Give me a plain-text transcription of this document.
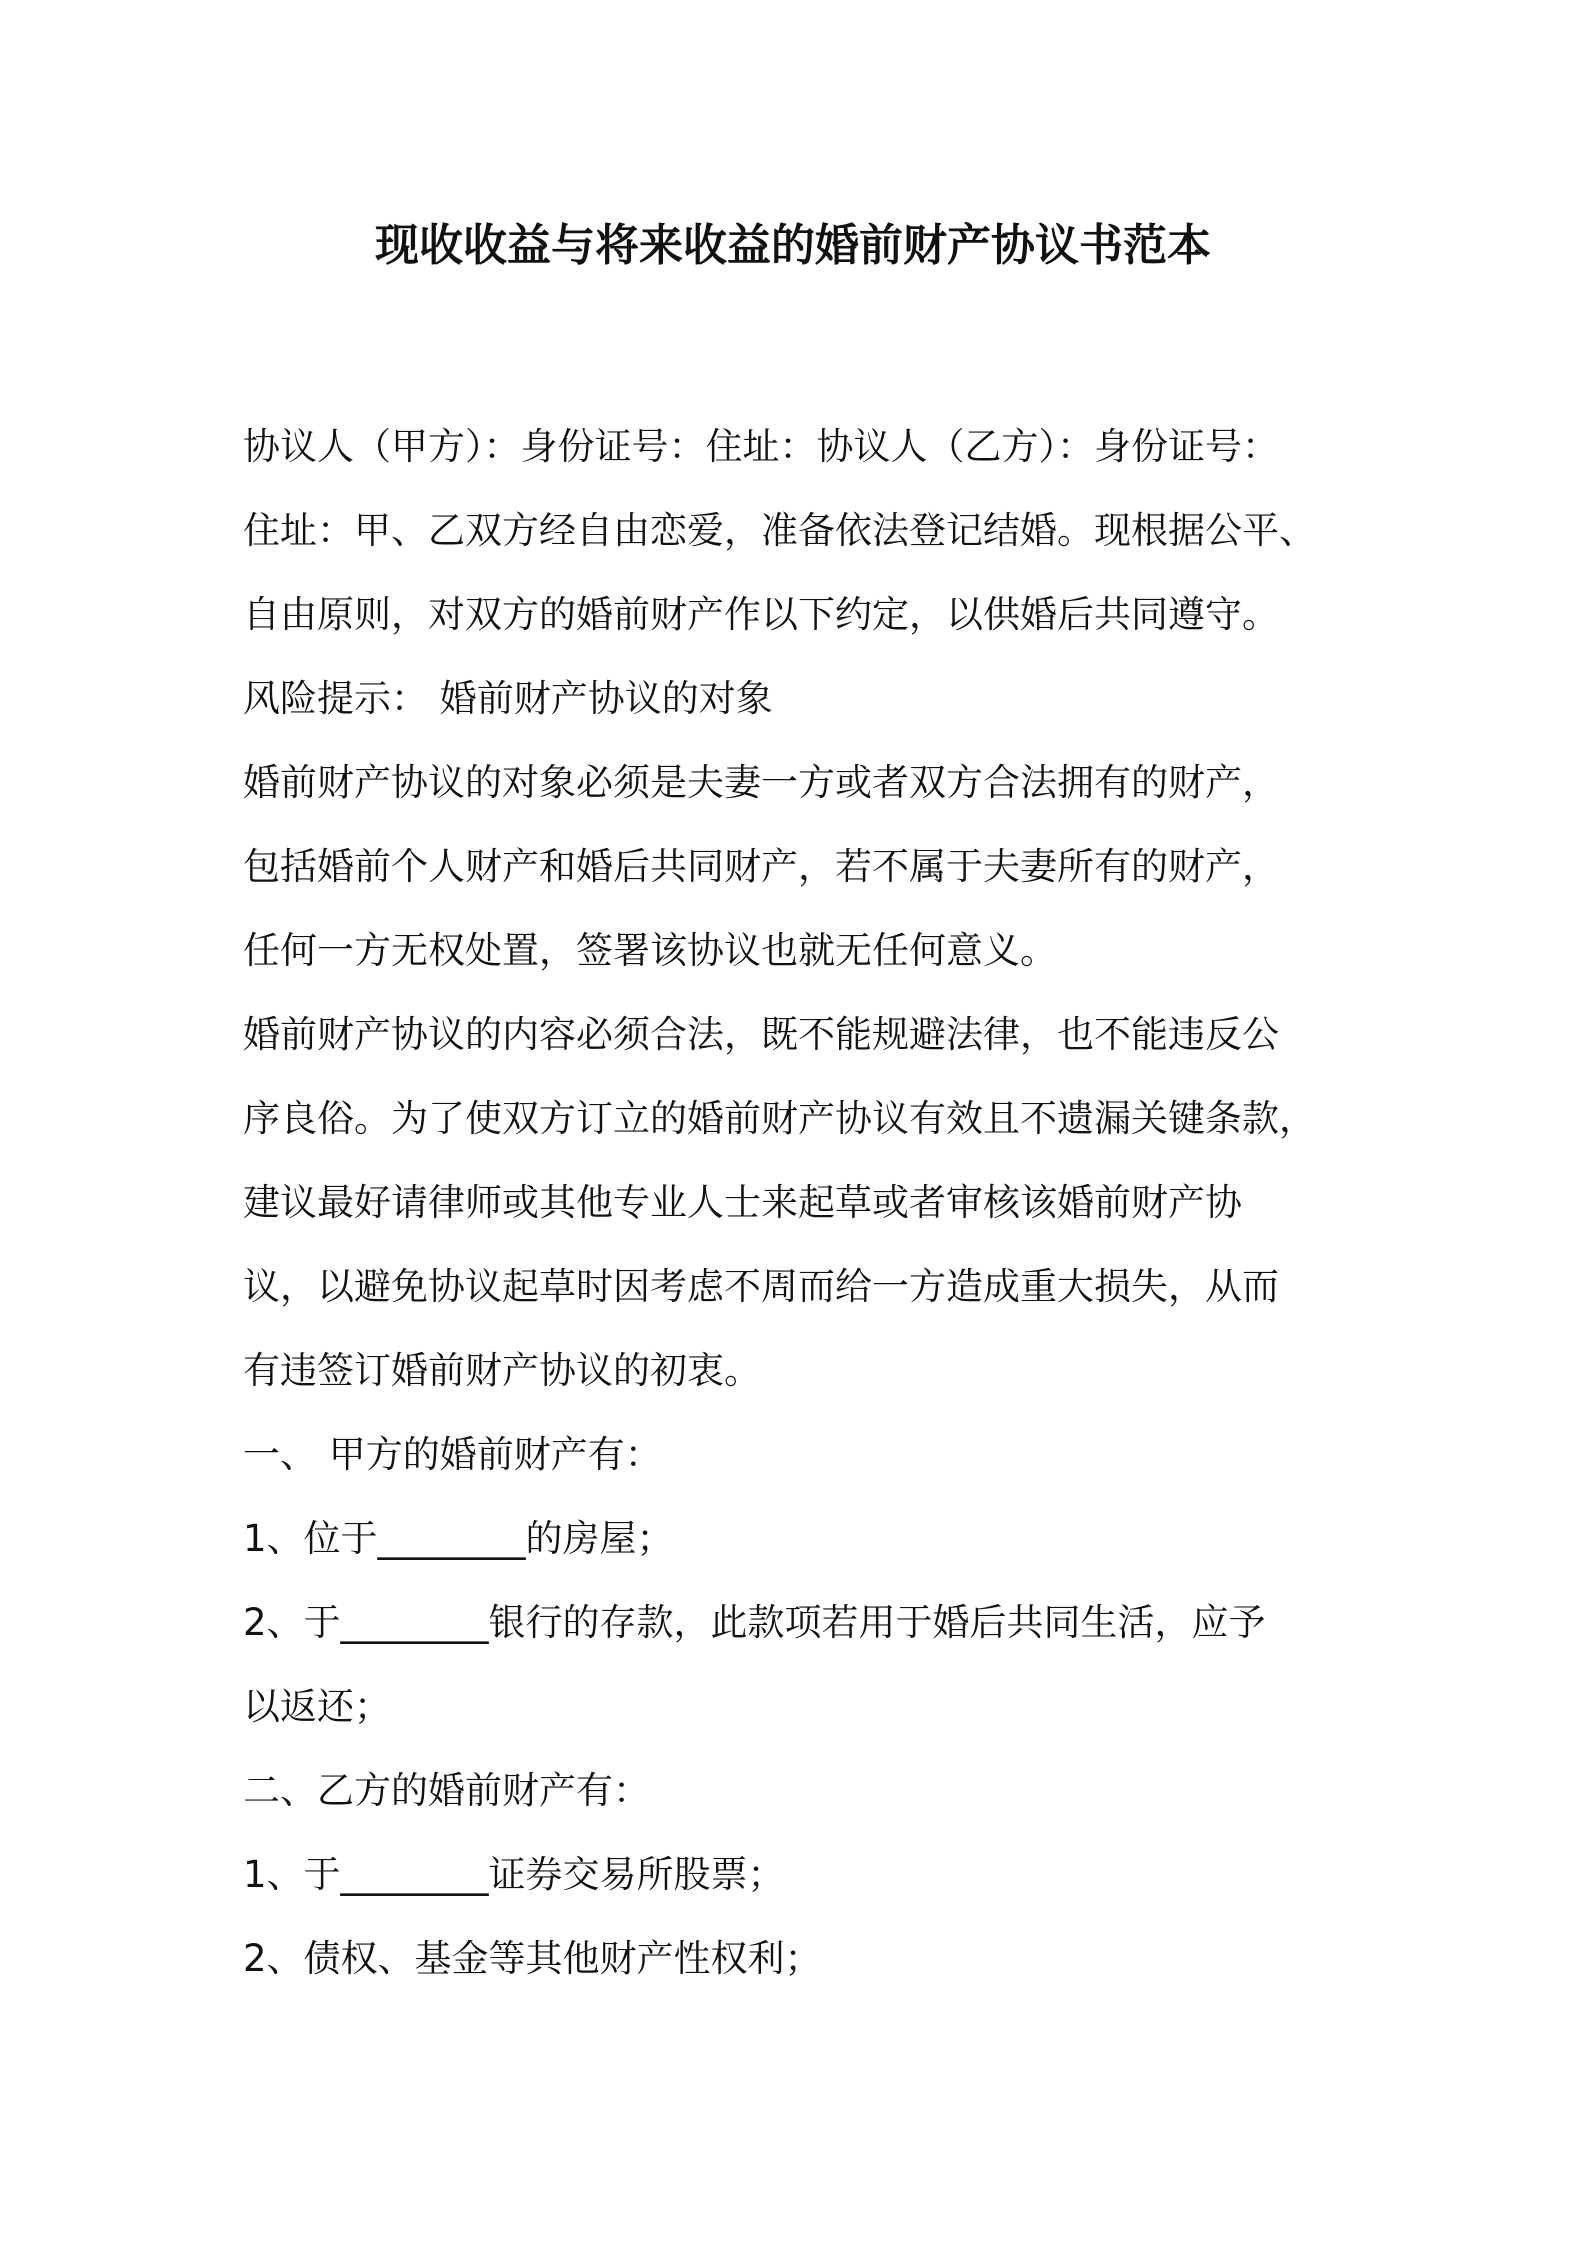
现收收益与将来收益的婚前财产协议书范本
协议人（甲方）：身份证号：住址：协议人（乙方）：身份证号：
住址：甲、乙双方经自由恋爱，准备依法登记结婚。现根据公平、
自由原则，对双方的婚前财产作以下约定，以供婚后共同遵守。
风险提示： 婚前财产协议的对象
婚前财产协议的对象必须是夫妻一方或者双方合法拥有的财产，
包括婚前个人财产和婚后共同财产，若不属于夫妻所有的财产，
任何一方无权处置，签署该协议也就无任何意义。
婚前财产协议的内容必须合法，既不能规避法律，也不能违反公
序良俗。为了使双方订立的婚前财产协议有效且不遗漏关键条款，
建议最好请律师或其他专业人士来起草或者审核该婚前财产协
议，以避免协议起草时因考虑不周而给一方造成重大损失，从而
有违签订婚前财产协议的初衷。
一、 甲方的婚前财产有：
1、位于________的房屋；
2、于________银行的存款，此款项若用于婚后共同生活，应予
以返还；
二、乙方的婚前财产有：
1、于________证券交易所股票；
2、债权、基金等其他财产性权利；
